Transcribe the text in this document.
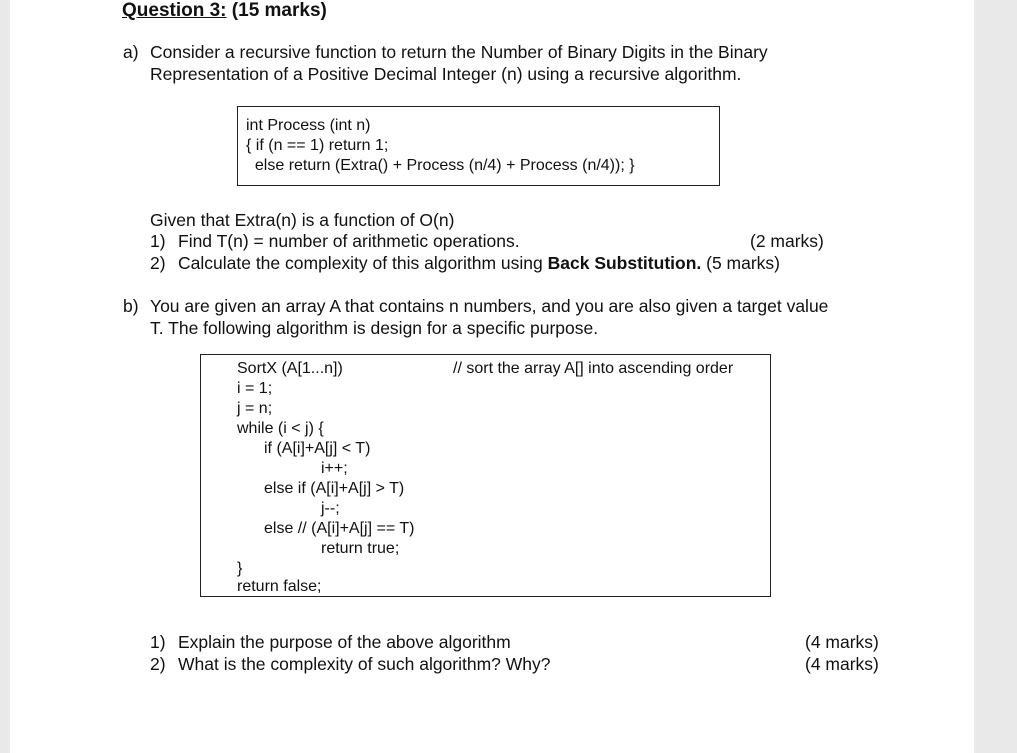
Question 3: (15 marks)
a) Consider a recursive function to return the Number of Binary Digits in the Binary
Representation of a Positive Decimal Integer (n) using a recursive algorithm.
int Process (int n)
{ if (n == 1) return 1;
else return (Extra() + Process (n/4) + Process (n/4)); }
Given that Extra(n) is a function of O(n)
1) Find T(n) = number of arithmetic operations.	(2 marks)
2) Calculate the complexity of this algorithm using Back Substitution. (5 marks)
b) You are given an array A that contains n numbers, and you are also given a target value
T. The following algorithm is design for a specific purpose.
SortX (A[1...n])	// sort the array A[] into ascending order
i = 1;
j = n;
while (i < j) {
if (A[i]+A[j] < T)
i++;
else if (A[i]+A[j] > T)
j--;
else // (A[i]+A[j] == T)
return true;
}
return false;
1) Explain the purpose of the above algorithm	(4 marks)
2) What is the complexity of such algorithm? Why?	(4 marks)
